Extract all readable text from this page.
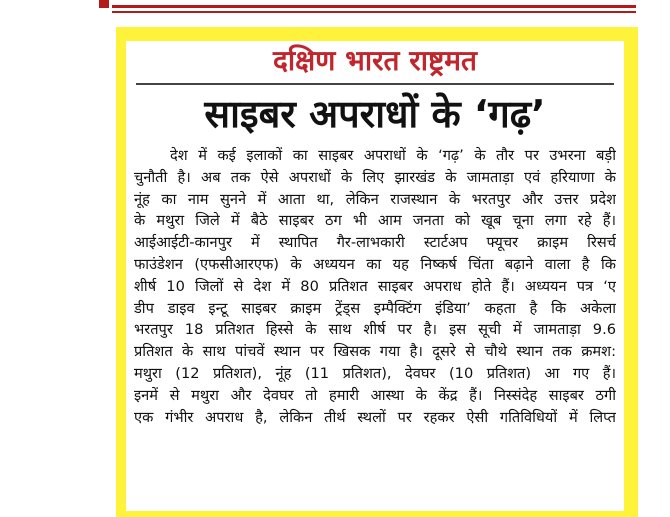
दक्षिण भारत राष्ट्रमत
साइबर अपराधों के ‘गढ़’
देश में कई इलाकों का साइबर अपराधों के ‘गढ़’ के तौर पर उभरना बड़ी
चुनौती है। अब तक ऐसे अपराधों के लिए झारखंड के जामताड़ा एवं हरियाणा के
नूंह का नाम सुनने में आता था, लेकिन राजस्थान के भरतपुर और उत्तर प्रदेश
के मथुरा जिले में बैठे साइबर ठग भी आम जनता को खूब चूना लगा रहे हैं।
आईआईटी-कानपुर में स्थापित गैर-लाभकारी स्टार्टअप फ्यूचर क्राइम रिसर्च
फाउंडेशन (एफसीआरएफ) के अध्ययन का यह निष्कर्ष चिंता बढ़ाने वाला है कि
शीर्ष 10 जिलों से देश में 80 प्रतिशत साइबर अपराध होते हैं। अध्ययन पत्र ‘ए
डीप डाइव इन्टू साइबर क्राइम ट्रेंड्स इम्पैक्टिंग इंडिया’ कहता है कि अकेला
भरतपुर 18 प्रतिशत हिस्से के साथ शीर्ष पर है। इस सूची में जामताड़ा 9.6
प्रतिशत के साथ पांचवें स्थान पर खिसक गया है। दूसरे से चौथे स्थान तक क्रमश:
मथुरा (12 प्रतिशत), नूंह (11 प्रतिशत), देवघर (10 प्रतिशत) आ गए हैं।
इनमें से मथुरा और देवघर तो हमारी आस्था के केंद्र हैं। निस्संदेह साइबर ठगी
एक गंभीर अपराध है, लेकिन तीर्थ स्थलों पर रहकर ऐसी गतिविधियों में लिप्त
